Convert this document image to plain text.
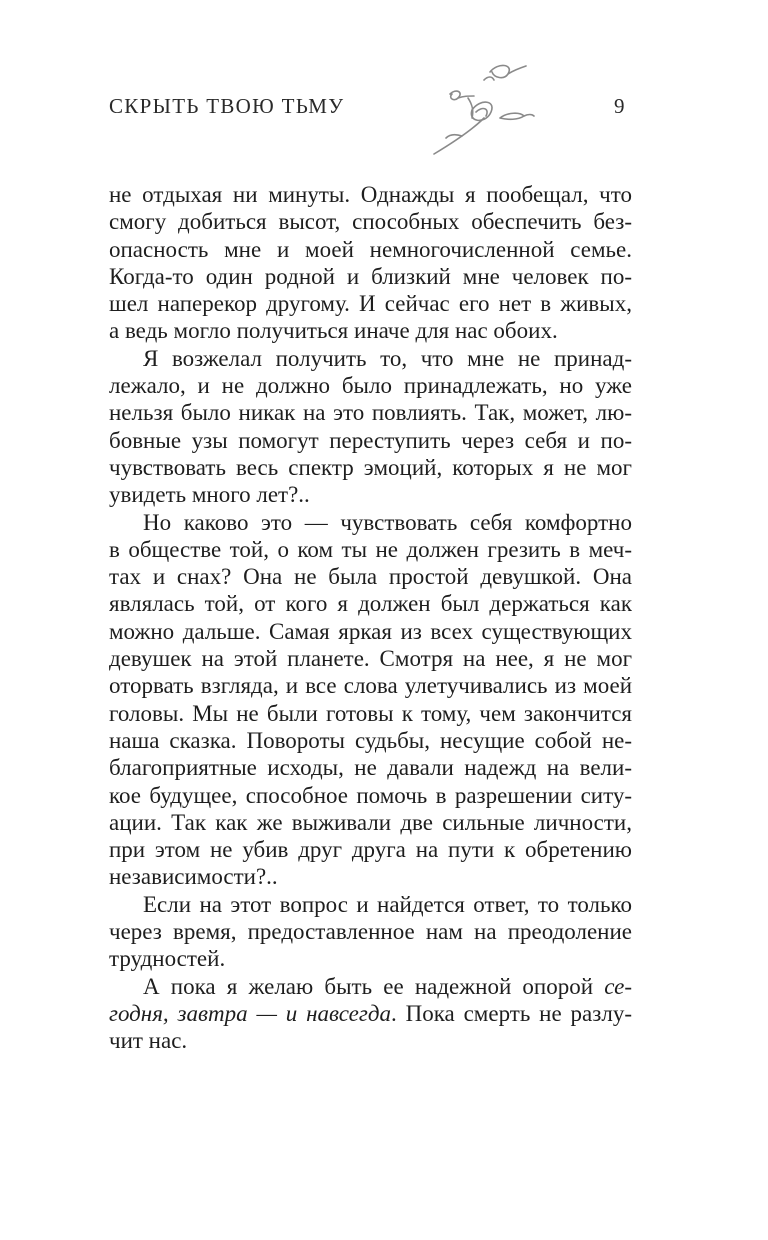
СКРЫТЬ ТВОЮ ТЬМУ	9
не отдыхая ни минуты. Однажды я пообещал, что
смогу добиться высот, способных обеспечить без-
опасность мне и моей немногочисленной семье.
Когда-то один родной и близкий мне человек по-
шел наперекор другому. И сейчас его нет в живых,
а ведь могло получиться иначе для нас обоих.
Я возжелал получить то, что мне не принад-
лежало, и не должно было принадлежать, но уже
нельзя было никак на это повлиять. Так, может, лю-
бовные узы помогут переступить через себя и по-
чувствовать весь спектр эмоций, которых я не мог
увидеть много лет?..
Но каково это — чувствовать себя комфортно
в обществе той, о ком ты не должен грезить в меч-
тах и снах? Она не была простой девушкой. Она
являлась той, от кого я должен был держаться как
можно дальше. Самая яркая из всех существующих
девушек на этой планете. Смотря на нее, я не мог
оторвать взгляда, и все слова улетучивались из моей
головы. Мы не были готовы к тому, чем закончится
наша сказка. Повороты судьбы, несущие собой не-
благоприятные исходы, не давали надежд на вели-
кое будущее, способное помочь в разрешении ситу-
ации. Так как же выживали две сильные личности,
при этом не убив друг друга на пути к обретению
независимости?..
Если на этот вопрос и найдется ответ, то только
через время, предоставленное нам на преодоление
трудностей.
А пока я желаю быть ее надежной опорой се-
годня, завтра — и навсегда. Пока смерть не разлу-
чит нас.
